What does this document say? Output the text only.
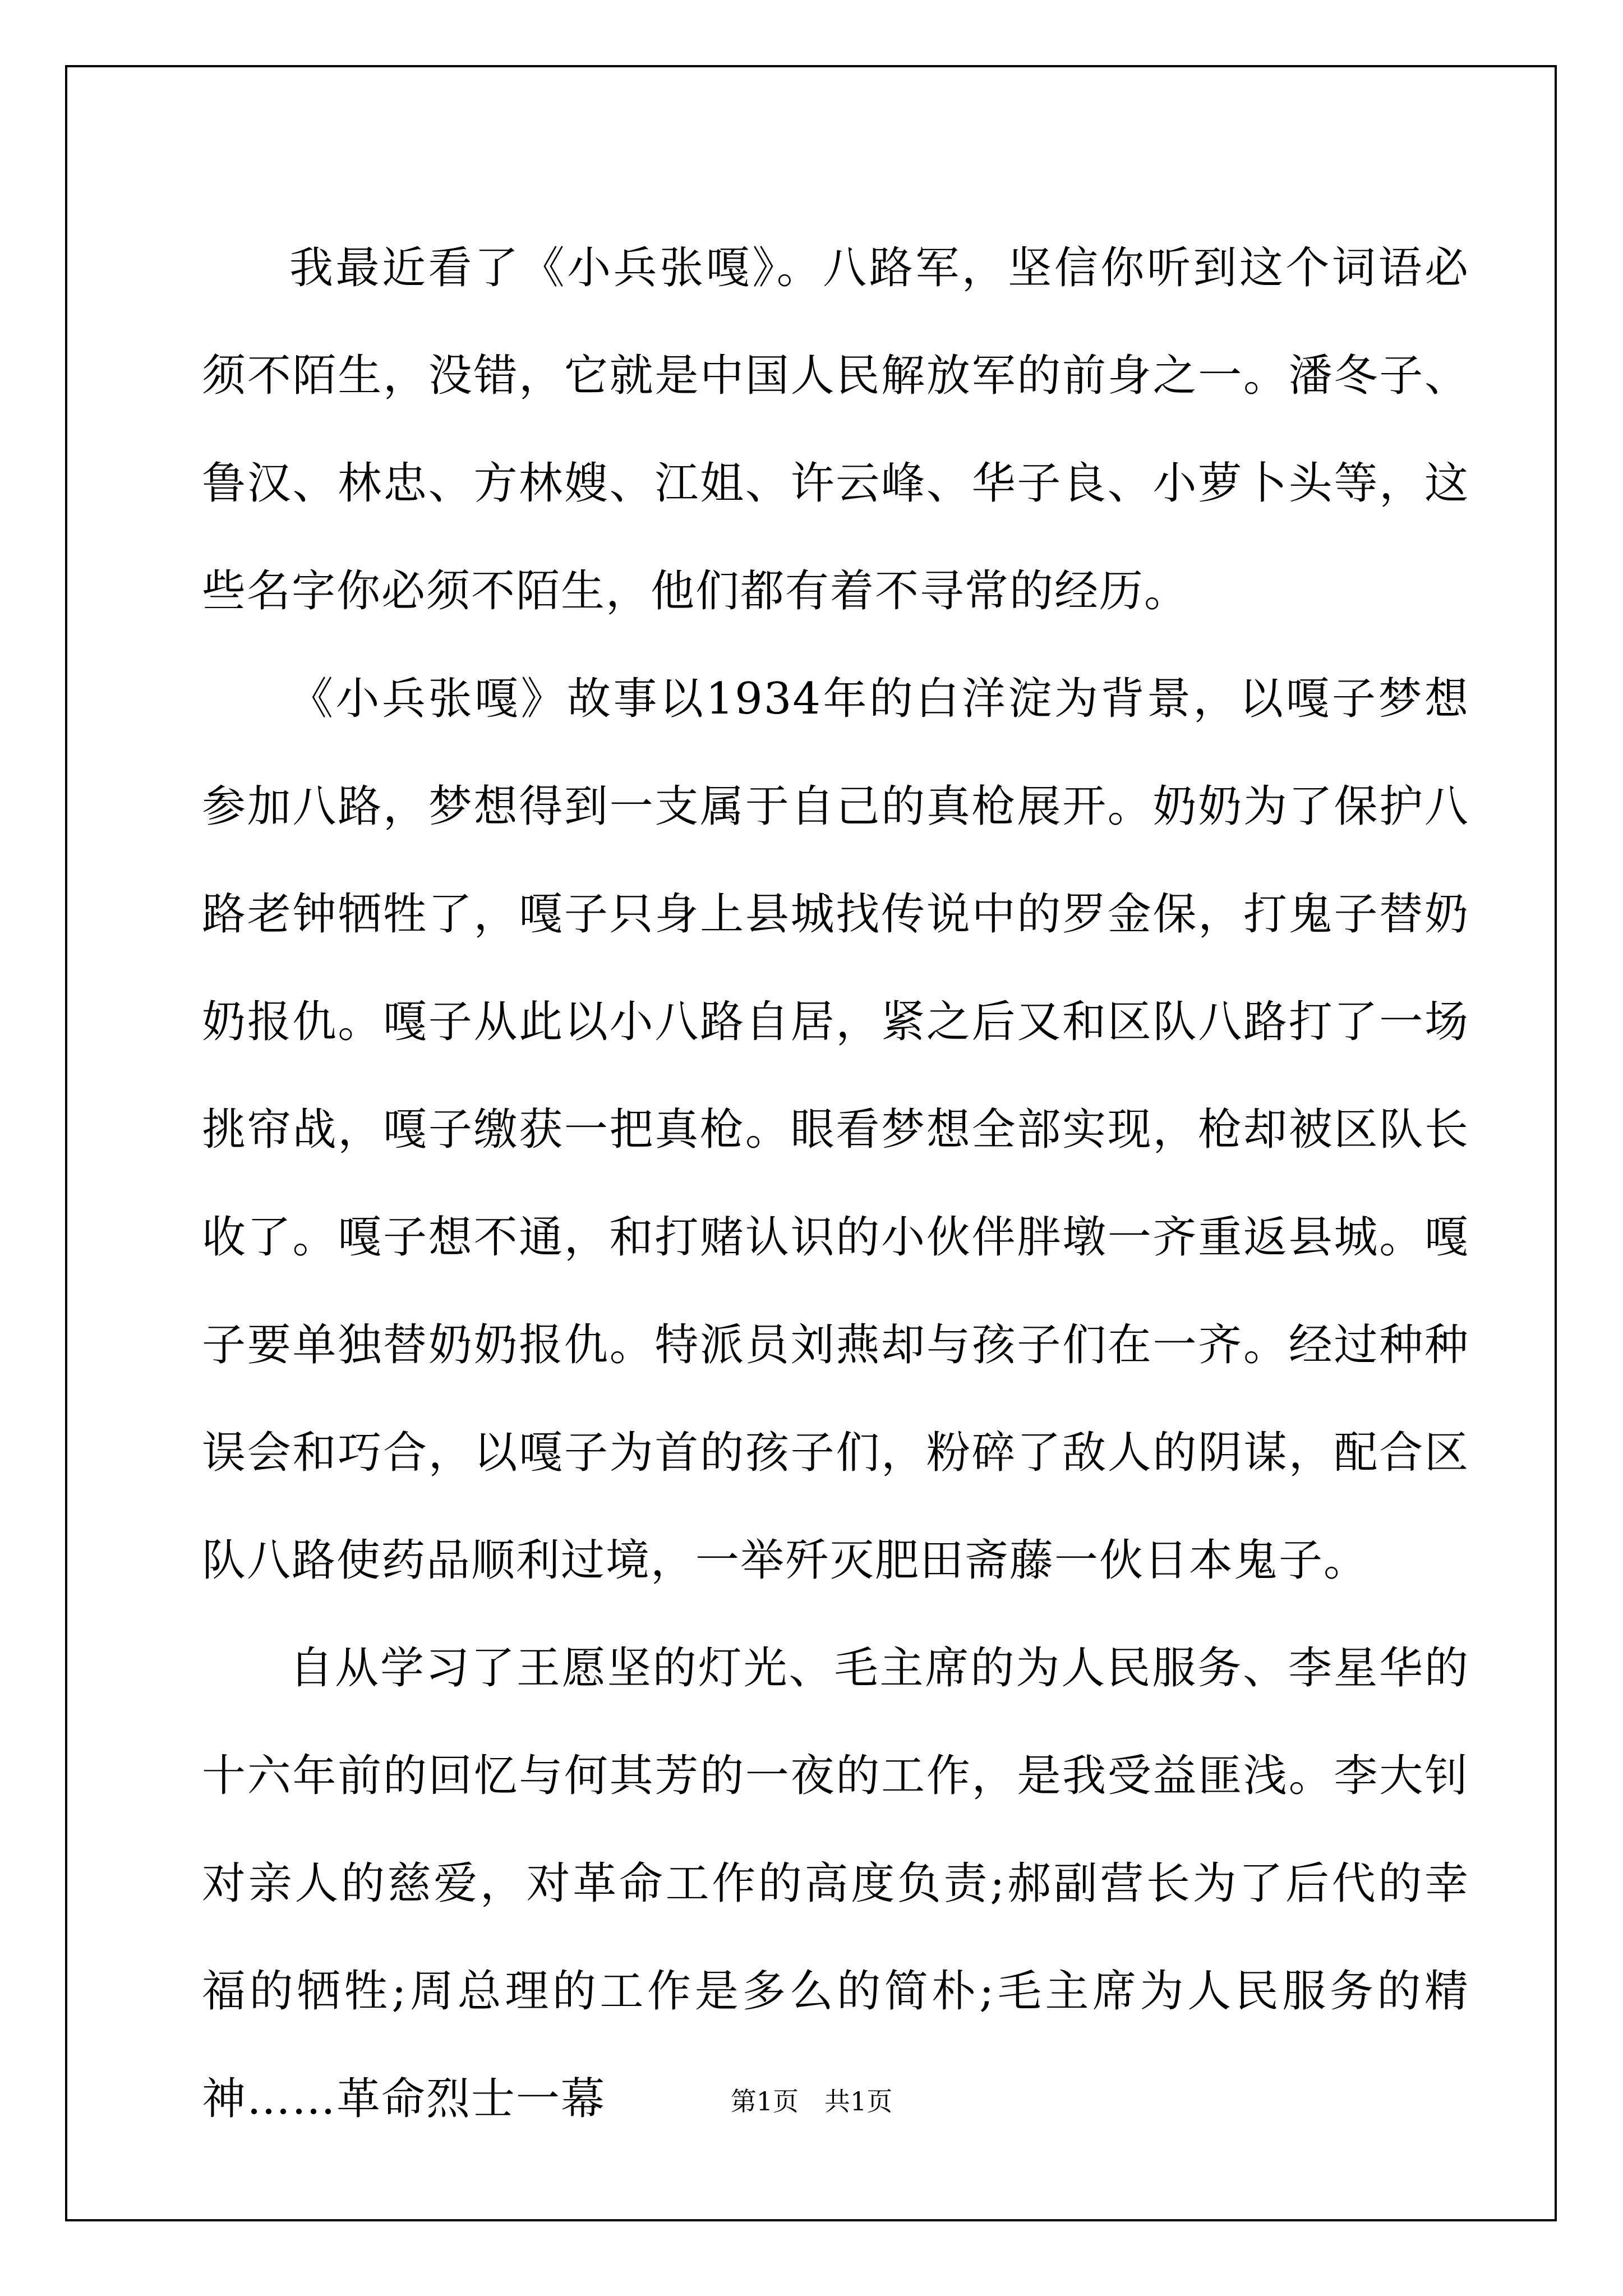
我最近看了《小兵张嘎》。八路军，坚信你听到这个词语必须不陌生，没错，它就是中国人民解放军的前身之一。潘冬子、鲁汉、林忠、方林嫂、江姐、许云峰、华子良、小萝卜头等，这些名字你必须不陌生，他们都有着不寻常的经历。

《小兵张嘎》故事以1934年的白洋淀为背景，以嘎子梦想参加八路，梦想得到一支属于自己的真枪展开。奶奶为了保护八路老钟牺牲了，嘎子只身上县城找传说中的罗金保，打鬼子替奶奶报仇。嘎子从此以小八路自居，紧之后又和区队八路打了一场挑帘战，嘎子缴获一把真枪。眼看梦想全部实现，枪却被区队长收了。嘎子想不通，和打赌认识的小伙伴胖墩一齐重返县城。嘎子要单独替奶奶报仇。特派员刘燕却与孩子们在一齐。经过种种误会和巧合，以嘎子为首的孩子们，粉碎了敌人的阴谋，配合区队八路使药品顺利过境，一举歼灭肥田斋藤一伙日本鬼子。

自从学习了王愿坚的灯光、毛主席的为人民服务、李星华的十六年前的回忆与何其芳的一夜的工作，是我受益匪浅。李大钊对亲人的慈爱，对革命工作的高度负责;郝副营长为了后代的幸福的牺牲;周总理的工作是多么的简朴;毛主席为人民服务的精神……革命烈士一幕	第1页　共1页
